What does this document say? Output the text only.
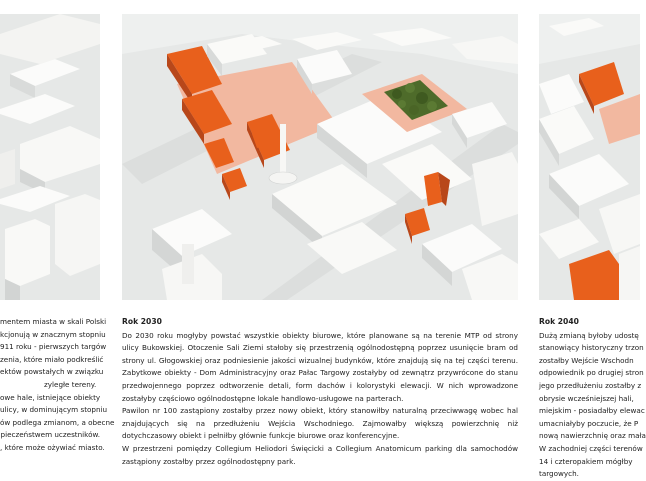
mentem miasta w skali Polski
kcjonują w znacznym stopniu
911 roku - pierwszych targów
zenia, które miało podkreślić
ektów powstałych w związku
zyległe tereny.
owe hale, istniejące obiekty
ulicy, w dominującym stopniu
ów podlega zmianom, a obecne
pieczeństwem uczestników.
, które może ożywiać miasto.

Rok 2030

Do 2030 roku mogłyby powstać wszystkie obiekty biurowe, które planowane są na terenie MTP od strony ulicy Bukowskiej. Otoczenie Sali Ziemi stałoby się przestrzenią ogólnodostępną poprzez usunięcie bram od strony ul. Głogowskiej oraz podniesienie jakości wizualnej budynków, które znajdują się na tej części terenu. Zabytkowe obiekty - Dom Administracyjny oraz Pałac Targowy zostałyby od zewnątrz przywrócone do stanu przedwojennego poprzez odtworzenie detali, form dachów i kolorystyki elewacji. W nich wprowadzone zostałyby częściowo ogólnodostępne lokale handlowo-usługowe na parterach.

Pawilon nr 100 zastąpiony zostałby przez nowy obiekt, który stanowiłby naturalną przeciwwagę wobec hal znajdujących się na przedłużeniu Wejścia Wschodniego. Zajmowałby większą powierzchnię niż dotychczasowy obiekt i pełniłby głównie funkcje biurowe oraz konferencyjne.

W przestrzeni pomiędzy Collegium Heliodori Święcicki a Collegium Anatomicum parking dla samochodów zastąpiony zostałby przez ogólnodostępny park.

Rok 2040

Dużą zmianą byłoby udostę
stanowiący historyczny trzon
zostałby Wejście Wschodn
odpowiednik po drugiej stron
jego przedłużeniu zostałby z
obrysie wcześniejszej hali,
miejskim - posiadałby elewac
umacniałyby poczucie, że P
nową nawierzchnię oraz mała
W zachodniej części terenów
14 i czteropakiem mógłby
targowych.
